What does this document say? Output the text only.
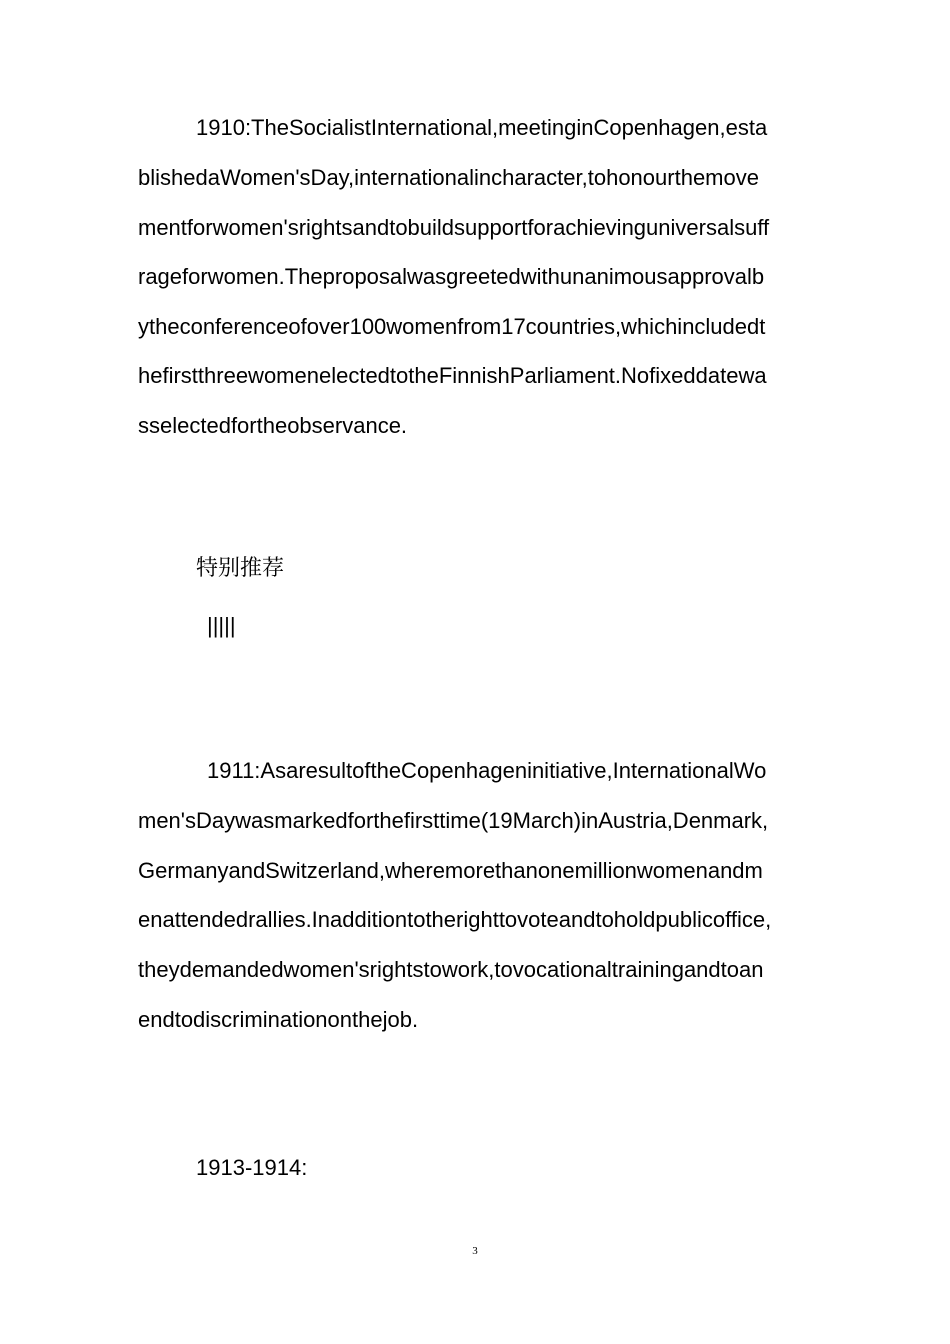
1910:TheSocialistInternational,meetinginCopenhagen,esta
blishedaWomen'sDay,internationalincharacter,tohonourthemove
mentforwomen'srightsandtobuildsupportforachievinguniversalsuff
rageforwomen.Theproposalwasgreetedwithunanimousapprovalb
ytheconferenceofover100womenfrom17countries,whichincludedt
hefirstthreewomenelectedtotheFinnishParliament.Nofixeddatewa
sselectedfortheobservance.
特别推荐
|||||
1911:AsaresultoftheCopenhageninitiative,InternationalWo
men'sDaywasmarkedforthefirsttime(19March)inAustria,Denmark,
GermanyandSwitzerland,wheremorethanonemillionwomenandm
enattendedrallies.Inadditiontotherighttovoteandtoholdpublicoffice,
theydemandedwomen'srightstowork,tovocationaltrainingandtoan
endtodiscriminationonthejob.
1913-1914:
3
